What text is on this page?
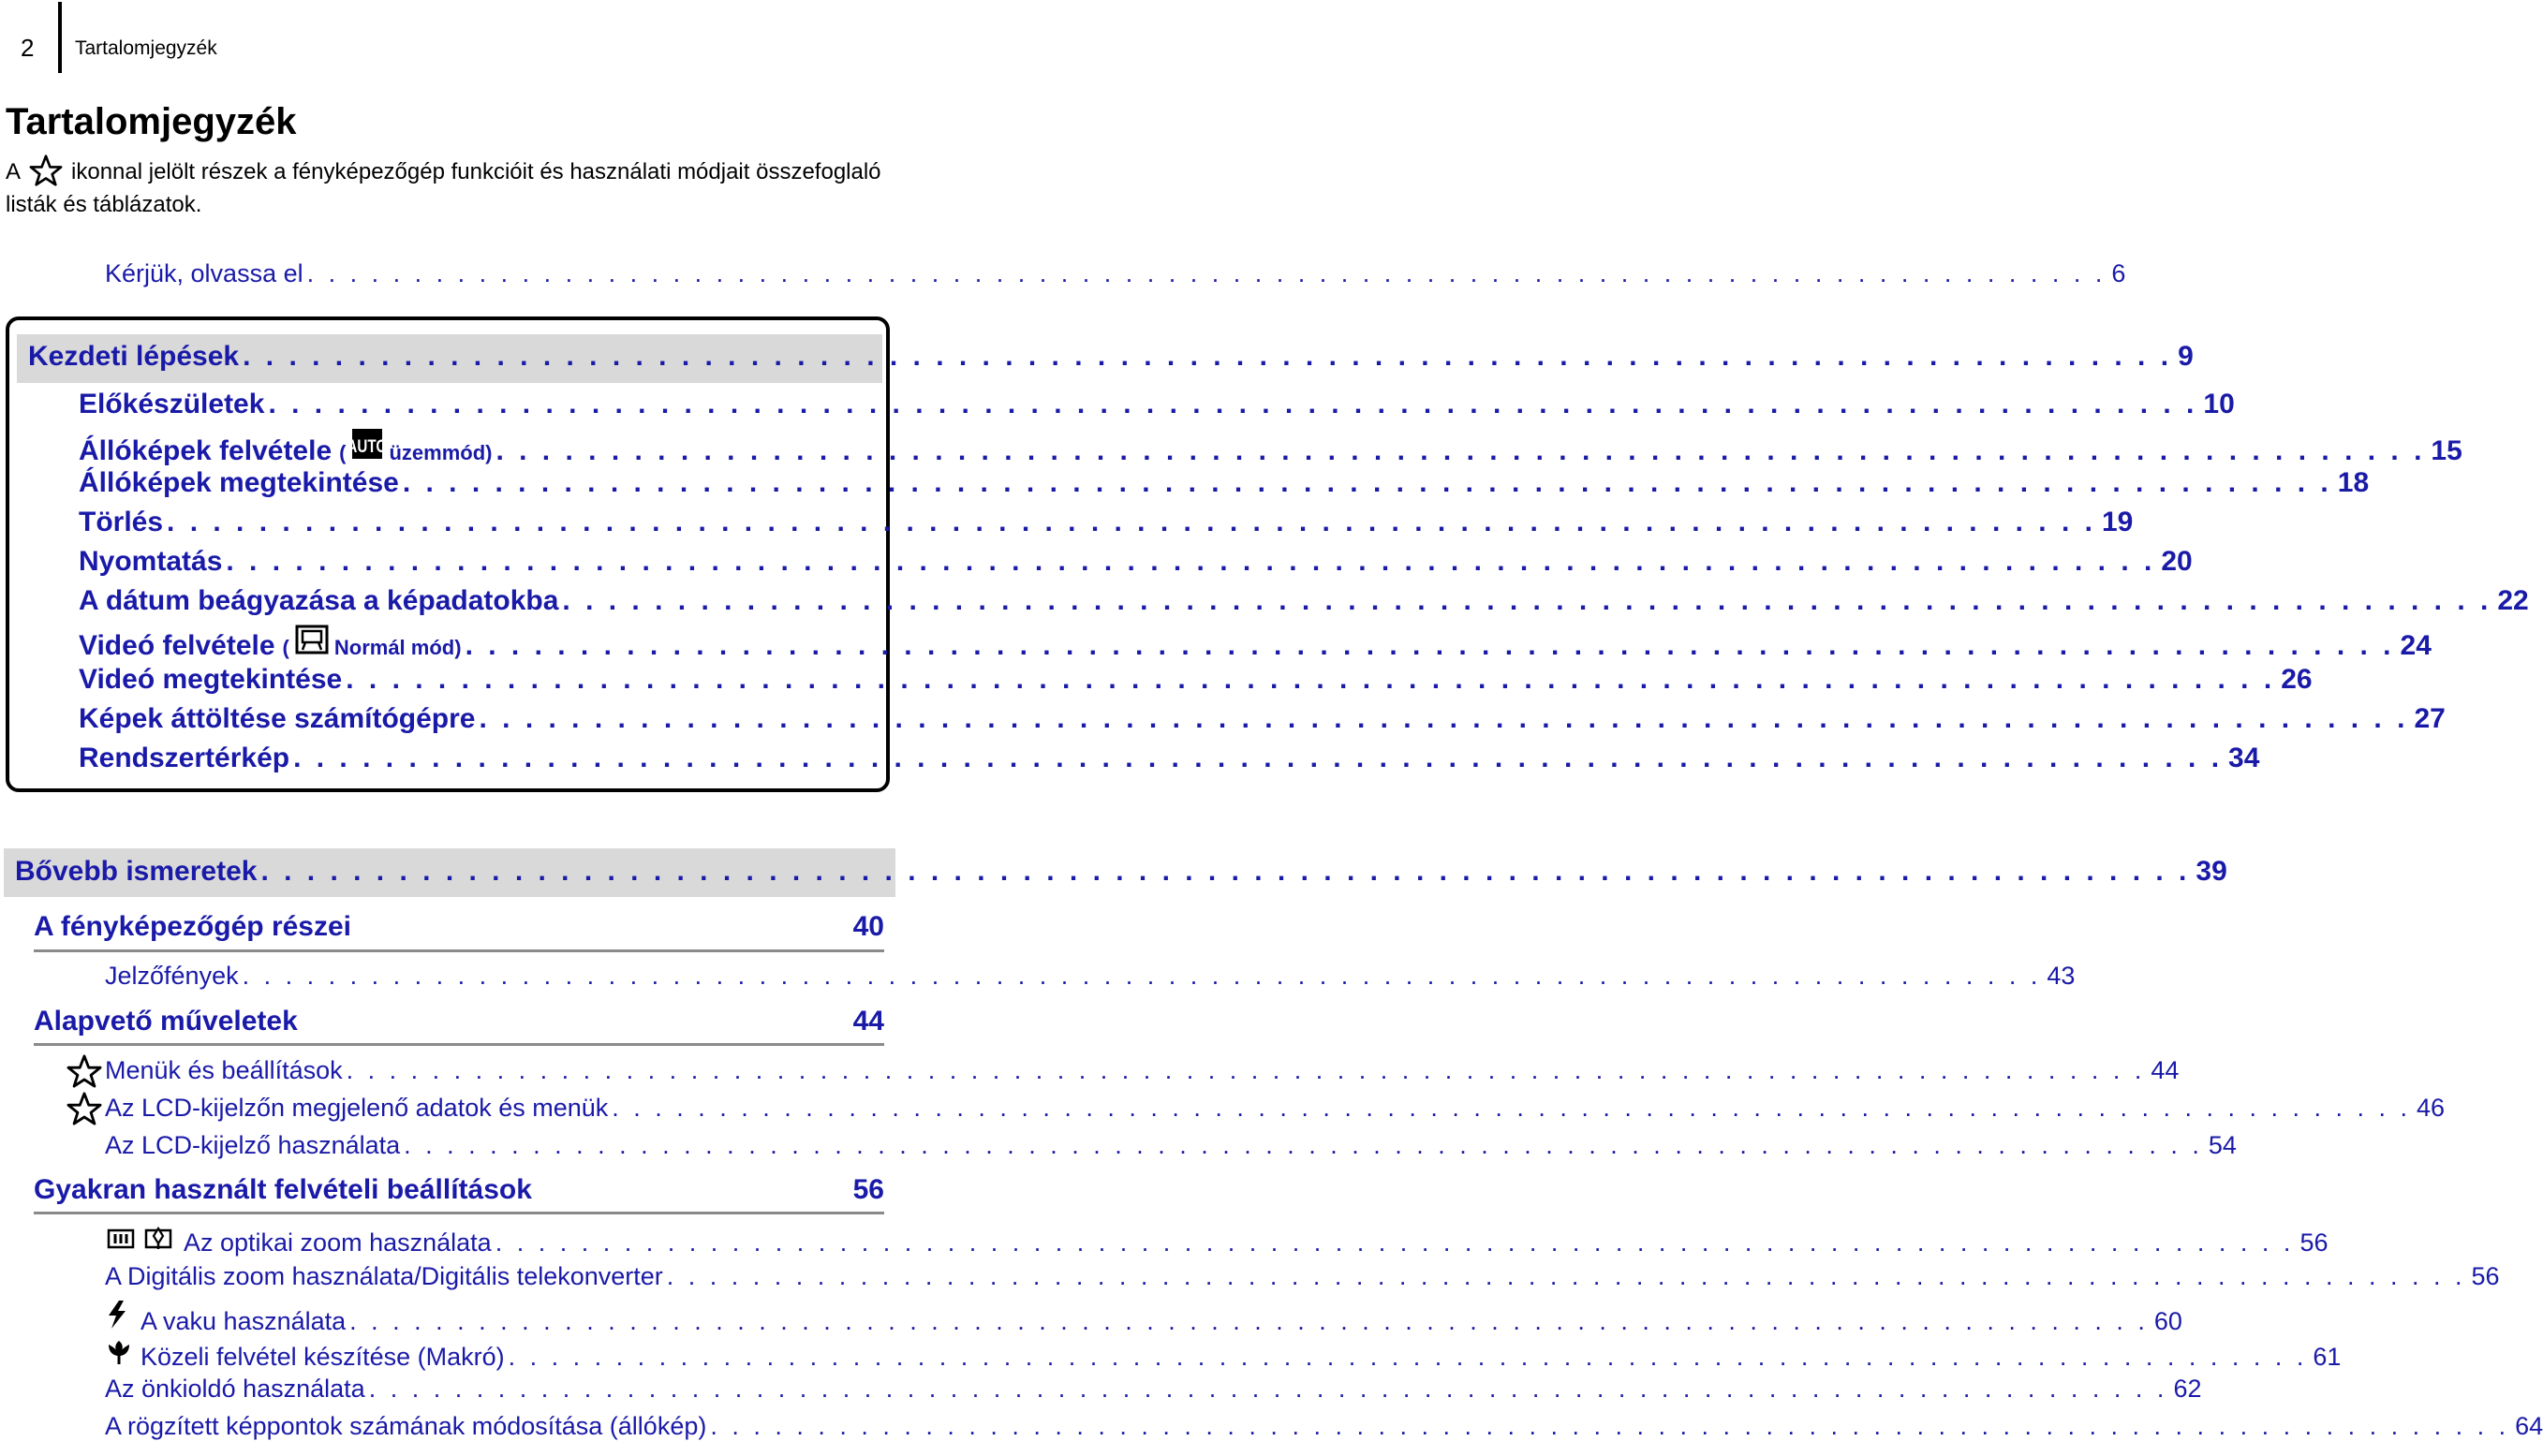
2 Tartalomjegyzék
Tartalomjegyzék
A ikonnal jelölt részek a fényképezőgép funkcióit és használati módjait összefoglaló listák és táblázatok.
Kérjük, olvassa el . . .	6
Kezdeti lépések . . .	9
Előkészületek . . .	10
Állóképek felvétele ( AUTO üzemmód) . . .	15
Állóképek megtekintése . . .	18
Törlés . . .	19
Nyomtatás . . .	20
A dátum beágyazása a képadatokba . . .	22
Videó felvétele ( Normál mód) . . .	24
Videó megtekintése . . .	26
Képek áttöltése számítógépre . . .	27
Rendszertérkép . . .	34
Bővebb ismeretek . . .	39
A fényképezőgép részei	40
Jelzőfények . . .	43
Alapvető műveletek	44
Menük és beállítások . . .	44
Az LCD-kijelzőn megjelenő adatok és menük . . .	46
Az LCD-kijelző használata . . .	54
Gyakran használt felvételi beállítások	56
Az optikai zoom használata . . .	56
A Digitális zoom használata/Digitális telekonverter . . .	56
A vaku használata . . .	60
Közeli felvétel készítése (Makró) . . .	61
Az önkioldó használata . . .	62
A rögzített képpontok számának módosítása (állókép) . . .	64
